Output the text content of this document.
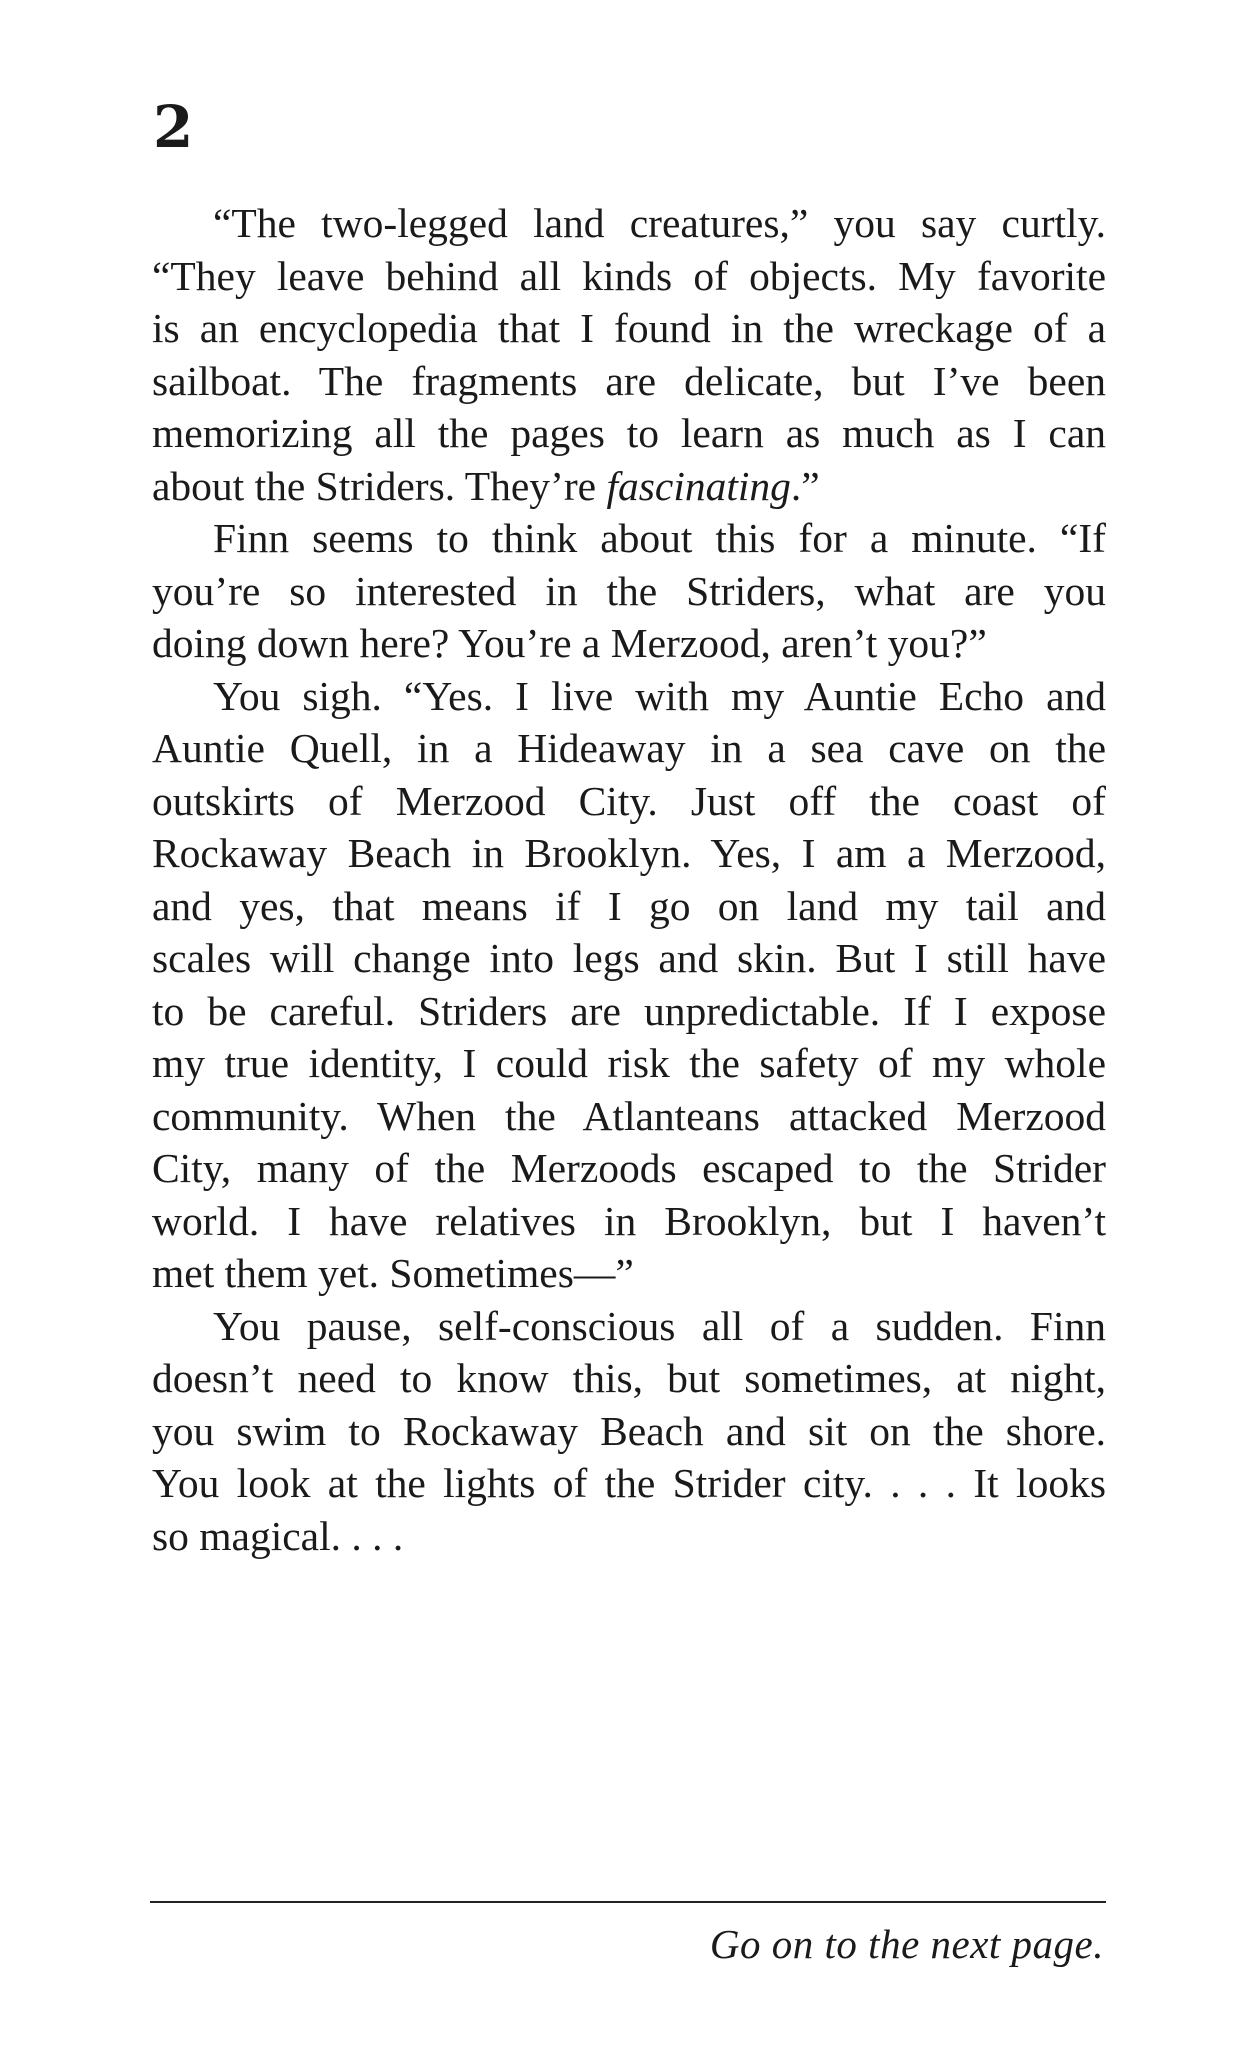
2
“The two-legged land creatures,” you say curtly.
“They leave behind all kinds of objects. My favorite
is an encyclopedia that I found in the wreckage of a
sailboat. The fragments are delicate, but I’ve been
memorizing all the pages to learn as much as I can
about the Striders. They’re fascinating.”
Finn seems to think about this for a minute. “If
you’re so interested in the Striders, what are you
doing down here? You’re a Merzood, aren’t you?”
You sigh. “Yes. I live with my Auntie Echo and
Auntie Quell, in a Hideaway in a sea cave on the
outskirts of Merzood City. Just off the coast of
Rockaway Beach in Brooklyn. Yes, I am a Merzood,
and yes, that means if I go on land my tail and
scales will change into legs and skin. But I still have
to be careful. Striders are unpredictable. If I expose
my true identity, I could risk the safety of my whole
community. When the Atlanteans attacked Merzood
City, many of the Merzoods escaped to the Strider
world. I have relatives in Brooklyn, but I haven’t
met them yet. Sometimes—”
You pause, self-conscious all of a sudden. Finn
doesn’t need to know this, but sometimes, at night,
you swim to Rockaway Beach and sit on the shore.
You look at the lights of the Strider city. . . . It looks
so magical. . . .
Go on to the next page.
